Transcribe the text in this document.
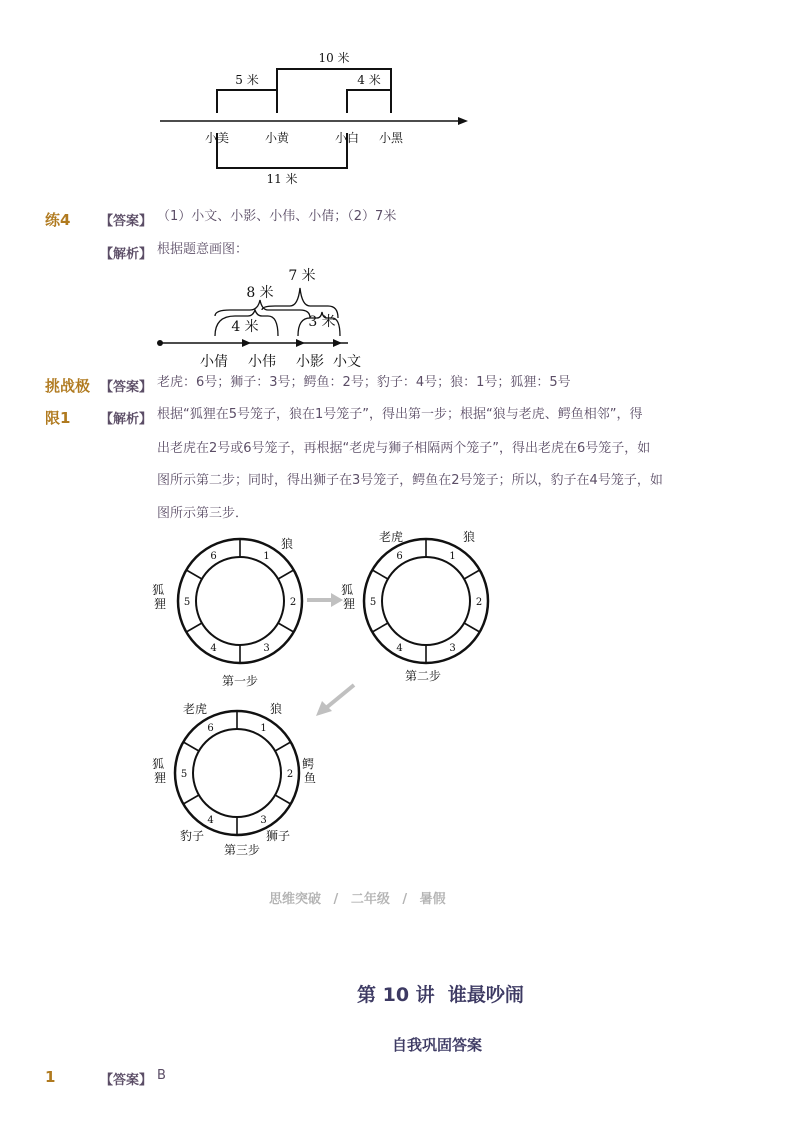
5 米
10 米
4 米
11 米
小美	小黄	小白 小黑
练4 【答案】 （1）小文、小影、小伟、小倩；（2）7米
【解析】 根据题意画图：
7 米
8 米
4 米	3 米
小倩 小伟 小影 小文
挑战极
限1
【答案】 老虎：6号；狮子：3号；鳄鱼：2号；豹子：4号；狼：1号；狐狸：5号
【解析】 根据“狐狸在5号笼子，狼在1号笼子”，得出第一步；根据“狼与老虎、鳄鱼相邻”，得
出老虎在2号或6号笼子，再根据“老虎与狮子相隔两个笼子”，得出老虎在6号笼子，如
图所示第二步；同时，得出狮子在3号笼子，鳄鱼在2号笼子；所以，豹子在4号笼子，如
图所示第三步．
1
2
3
4
5
6
狼
狐 狸
第一步
1
2
3
4
5
6
老虎	狼
狐 狸
第二步
1
2
3
4
5
6
老虎	狼
狐 狸
鳄 鱼
豹子	狮子
第三步
思维突破 / 二年级 / 暑假
第 10 讲  谁最吵闹
自我巩固答案
1	【答案】 B
